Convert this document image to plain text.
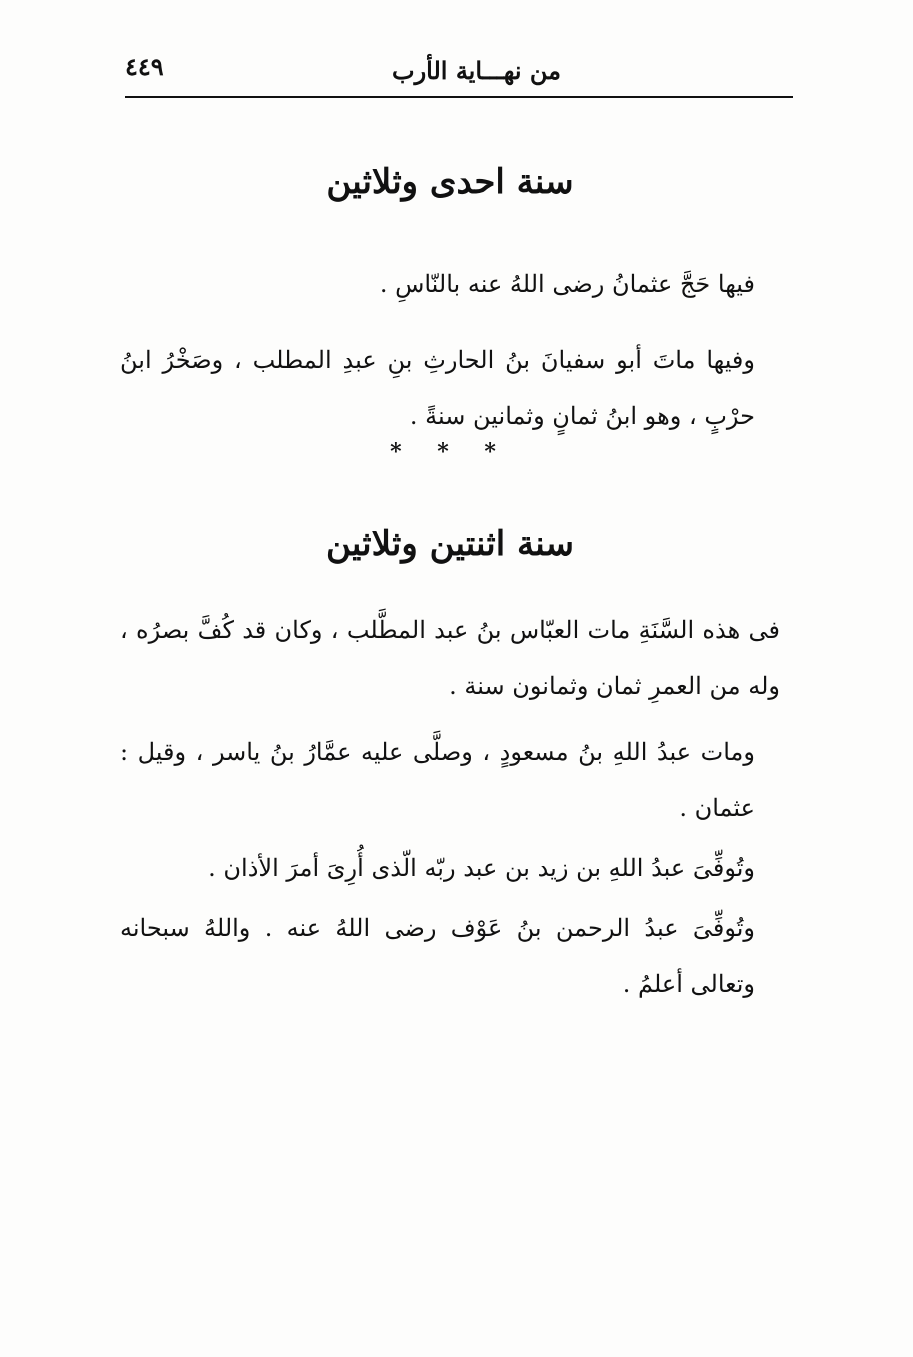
من نهـــاية الأرب
٤٤٩
سنة احدى وثلاثين

فيها حَجَّ عثمانُ رضى اللهُ عنه بالنّاسِ .

وفيها ماتَ أبو سفيانَ بنُ الحارثِ بنِ عبدِ المطلب ، وصَخْرُ ابنُ حرْبٍ ، وهو ابنُ ثمانٍ وثمانين سنةً .

* * *
سنة اثنتين وثلاثين

فى هذه السَّنَةِ مات العبّاس بنُ عبد المطَّلب ، وكان قد كُفَّ بصرُه ، وله من العمرِ ثمان وثمانون سنة .

ومات عبدُ اللهِ بنُ مسعودٍ ، وصلَّى عليه عمَّارُ بنُ ياسر ، وقيل : عثمان .

وتُوفِّىَ عبدُ اللهِ بن زيد بن عبد ربّه الّذى أُرِىَ أمرَ الأذان .

وتُوفِّىَ عبدُ الرحمن بنُ عَوْف رضى اللهُ عنه . واللهُ سبحانه وتعالى أعلمُ .
